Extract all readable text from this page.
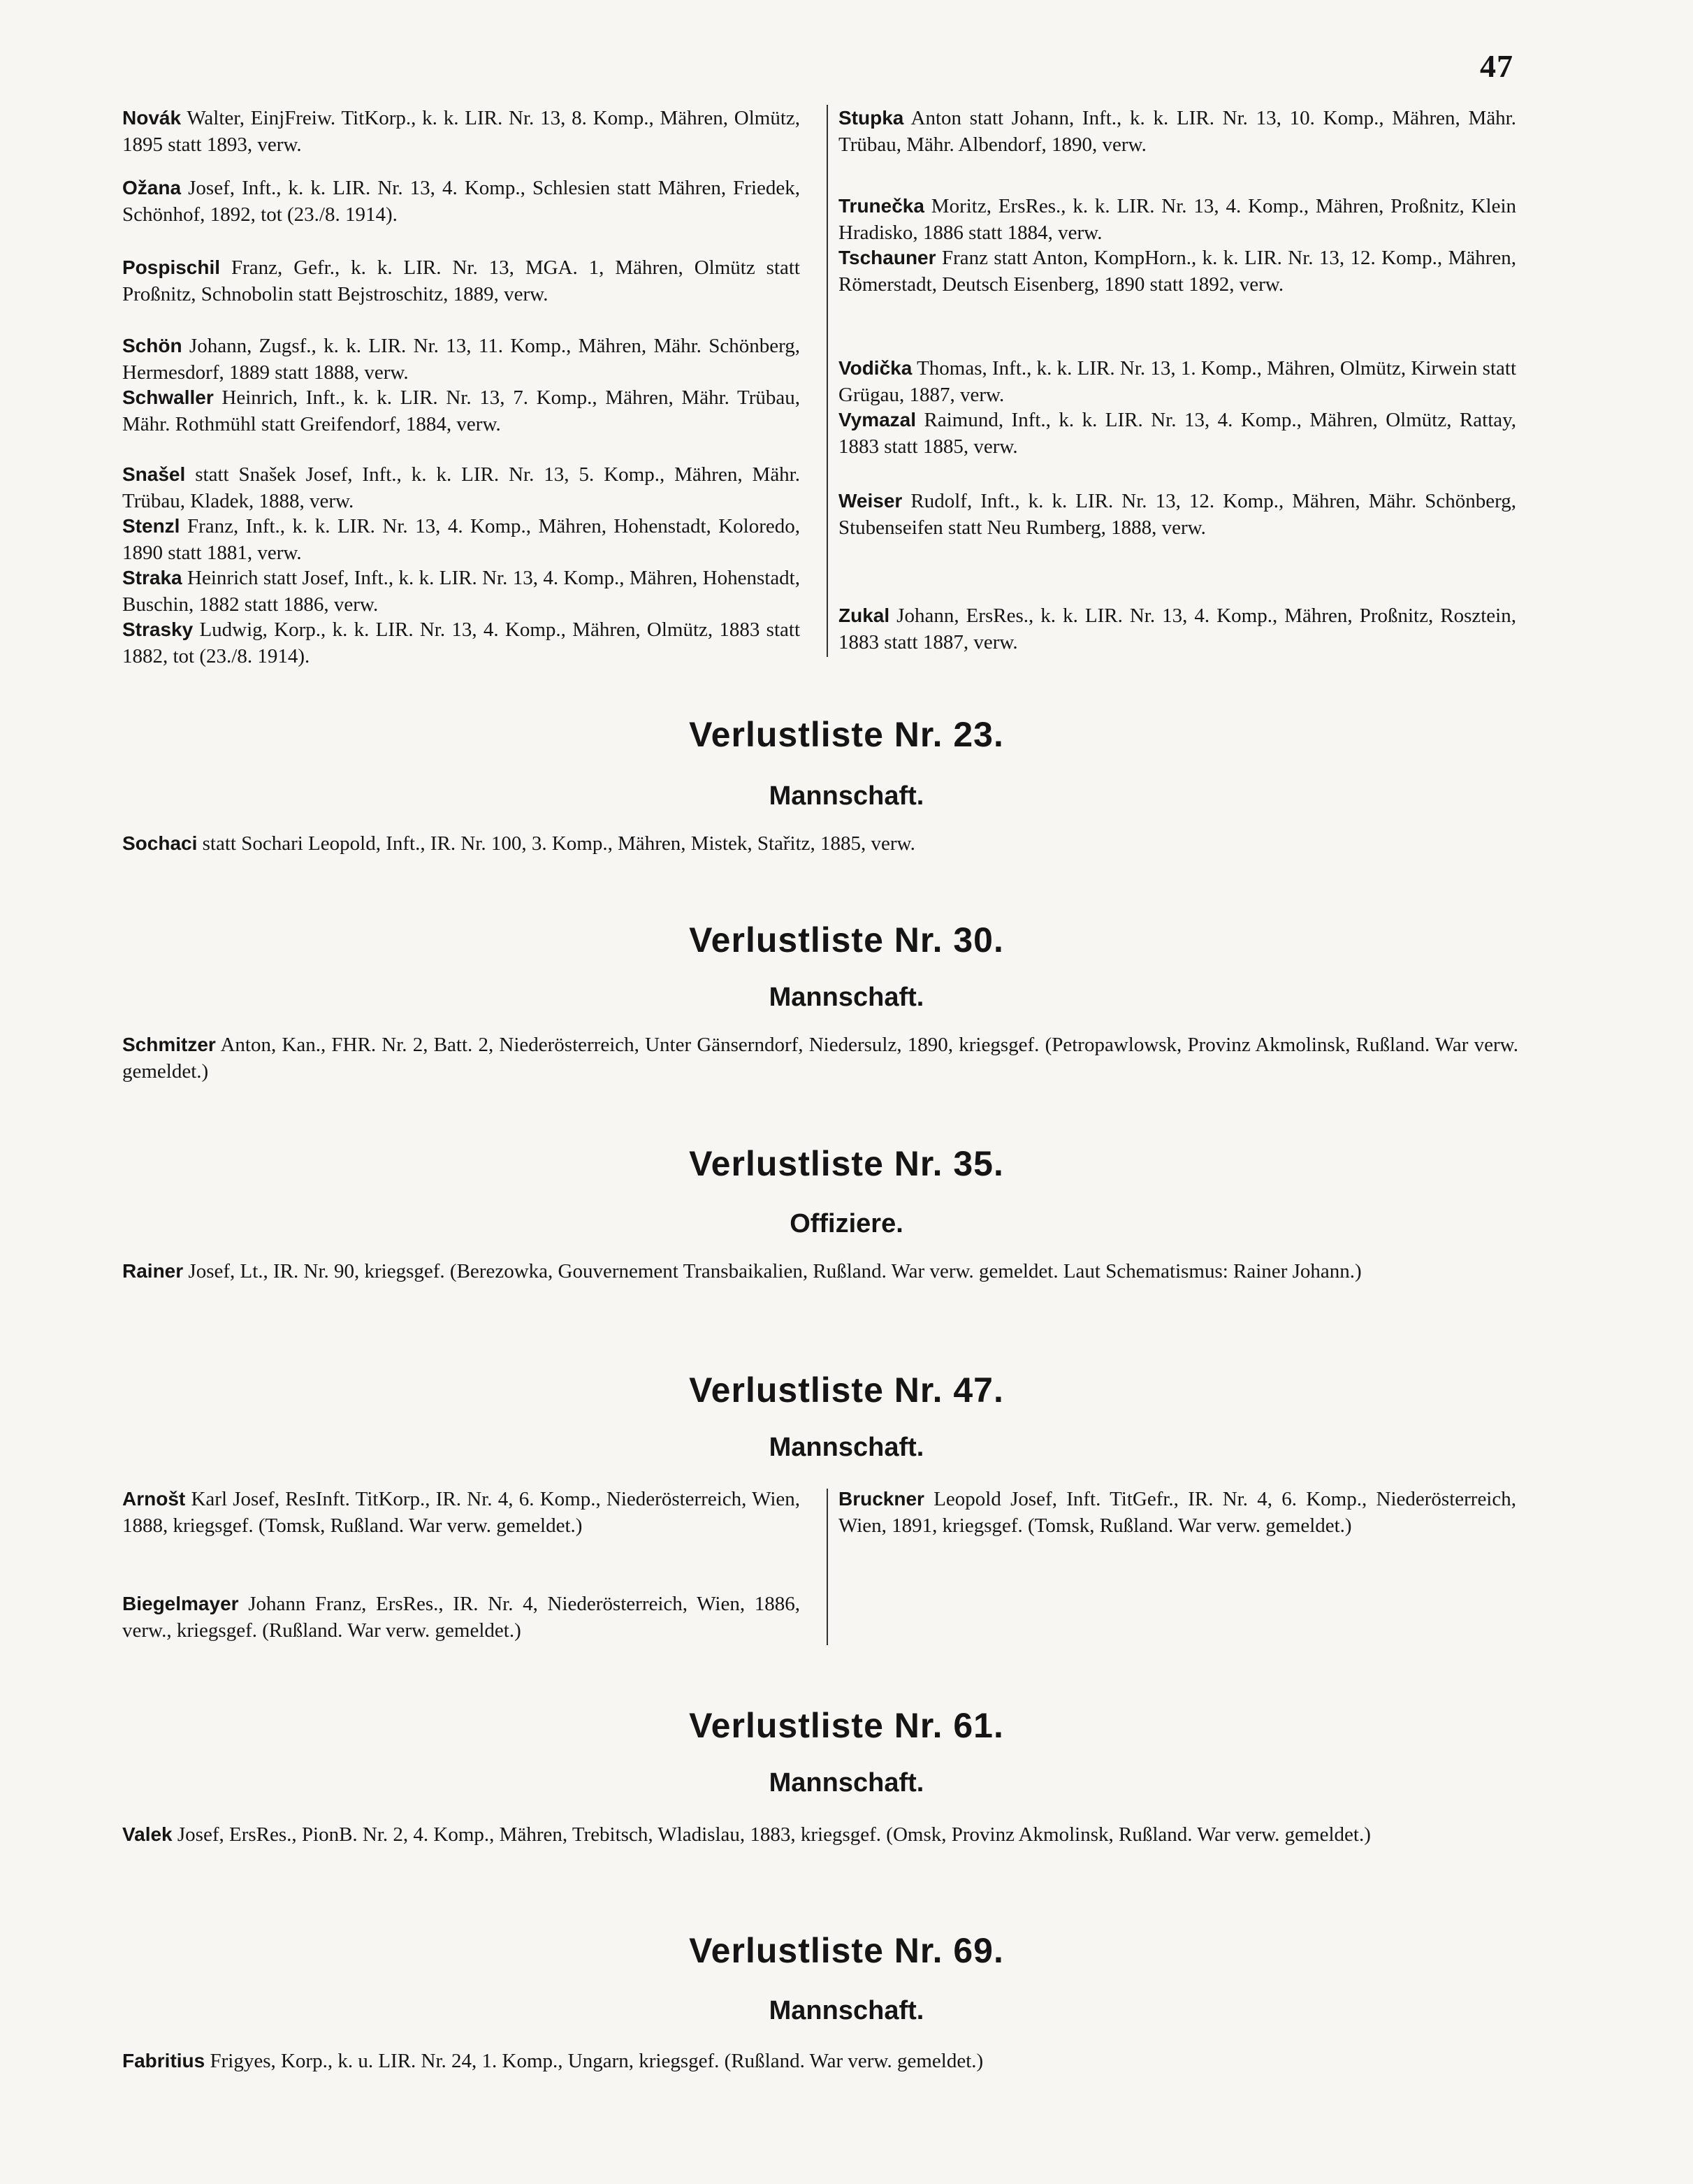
47
Novák Walter, EinjFreiw. TitKorp., k. k. LIR. Nr. 13, 8. Komp., Mähren, Olmütz, 1895 statt 1893, verw.
Ožana Josef, Inft., k. k. LIR. Nr. 13, 4. Komp., Schlesien statt Mähren, Friedek, Schönhof, 1892, tot (23./8. 1914).
Pospischil Franz, Gefr., k. k. LIR. Nr. 13, MGA. 1, Mähren, Olmütz statt Proßnitz, Schnobolin statt Bejstroschitz, 1889, verw.
Schön Johann, Zugsf., k. k. LIR. Nr. 13, 11. Komp., Mähren, Mähr. Schönberg, Hermesdorf, 1889 statt 1888, verw.
Schwaller Heinrich, Inft., k. k. LIR. Nr. 13, 7. Komp., Mähren, Mähr. Trübau, Mähr. Rothmühl statt Greifendorf, 1884, verw.
Snašel statt Snašek Josef, Inft., k. k. LIR. Nr. 13, 5. Komp., Mähren, Mähr. Trübau, Kladek, 1888, verw.
Stenzl Franz, Inft., k. k. LIR. Nr. 13, 4. Komp., Mähren, Hohenstadt, Koloredo, 1890 statt 1881, verw.
Straka Heinrich statt Josef, Inft., k. k. LIR. Nr. 13, 4. Komp., Mähren, Hohenstadt, Buschin, 1882 statt 1886, verw.
Strasky Ludwig, Korp., k. k. LIR. Nr. 13, 4. Komp., Mähren, Olmütz, 1883 statt 1882, tot (23./8. 1914).
Stupka Anton statt Johann, Inft., k. k. LIR. Nr. 13, 10. Komp., Mähren, Mähr. Trübau, Mähr. Albendorf, 1890, verw.
Trunečka Moritz, ErsRes., k. k. LIR. Nr. 13, 4. Komp., Mähren, Proßnitz, Klein Hradisko, 1886 statt 1884, verw.
Tschauner Franz statt Anton, KompHorn., k. k. LIR. Nr. 13, 12. Komp., Mähren, Römerstadt, Deutsch Eisenberg, 1890 statt 1892, verw.
Vodička Thomas, Inft., k. k. LIR. Nr. 13, 1. Komp., Mähren, Olmütz, Kirwein statt Grügau, 1887, verw.
Vymazal Raimund, Inft., k. k. LIR. Nr. 13, 4. Komp., Mähren, Olmütz, Rattay, 1883 statt 1885, verw.
Weiser Rudolf, Inft., k. k. LIR. Nr. 13, 12. Komp., Mähren, Mähr. Schönberg, Stubenseifen statt Neu Rumberg, 1888, verw.
Zukal Johann, ErsRes., k. k. LIR. Nr. 13, 4. Komp., Mähren, Proßnitz, Rosztein, 1883 statt 1887, verw.
Verlustliste Nr. 23.
Mannschaft.
Sochaci statt Sochari Leopold, Inft., IR. Nr. 100, 3. Komp., Mähren, Mistek, Stařitz, 1885, verw.
Verlustliste Nr. 30.
Mannschaft.
Schmitzer Anton, Kan., FHR. Nr. 2, Batt. 2, Niederösterreich, Unter Gänserndorf, Niedersulz, 1890, kriegsgef. (Petropawlowsk, Provinz Akmolinsk, Rußland. War verw. gemeldet.)
Verlustliste Nr. 35.
Offiziere.
Rainer Josef, Lt., IR. Nr. 90, kriegsgef. (Berezowka, Gouvernement Transbaikalien, Rußland. War verw. gemeldet. Laut Schematismus: Rainer Johann.)
Verlustliste Nr. 47.
Mannschaft.
Arnošt Karl Josef, ResInft. TitKorp., IR. Nr. 4, 6. Komp., Niederösterreich, Wien, 1888, kriegsgef. (Tomsk, Rußland. War verw. gemeldet.)
Biegelmayer Johann Franz, ErsRes., IR. Nr. 4, Niederösterreich, Wien, 1886, verw., kriegsgef. (Rußland. War verw. gemeldet.)
Bruckner Leopold Josef, Inft. TitGefr., IR. Nr. 4, 6. Komp., Niederösterreich, Wien, 1891, kriegsgef. (Tomsk, Rußland. War verw. gemeldet.)
Verlustliste Nr. 61.
Mannschaft.
Valek Josef, ErsRes., PionB. Nr. 2, 4. Komp., Mähren, Trebitsch, Wladislau, 1883, kriegsgef. (Omsk, Provinz Akmolinsk, Rußland. War verw. gemeldet.)
Verlustliste Nr. 69.
Mannschaft.
Fabritius Frigyes, Korp., k. u. LIR. Nr. 24, 1. Komp., Ungarn, kriegsgef. (Rußland. War verw. gemeldet.)
